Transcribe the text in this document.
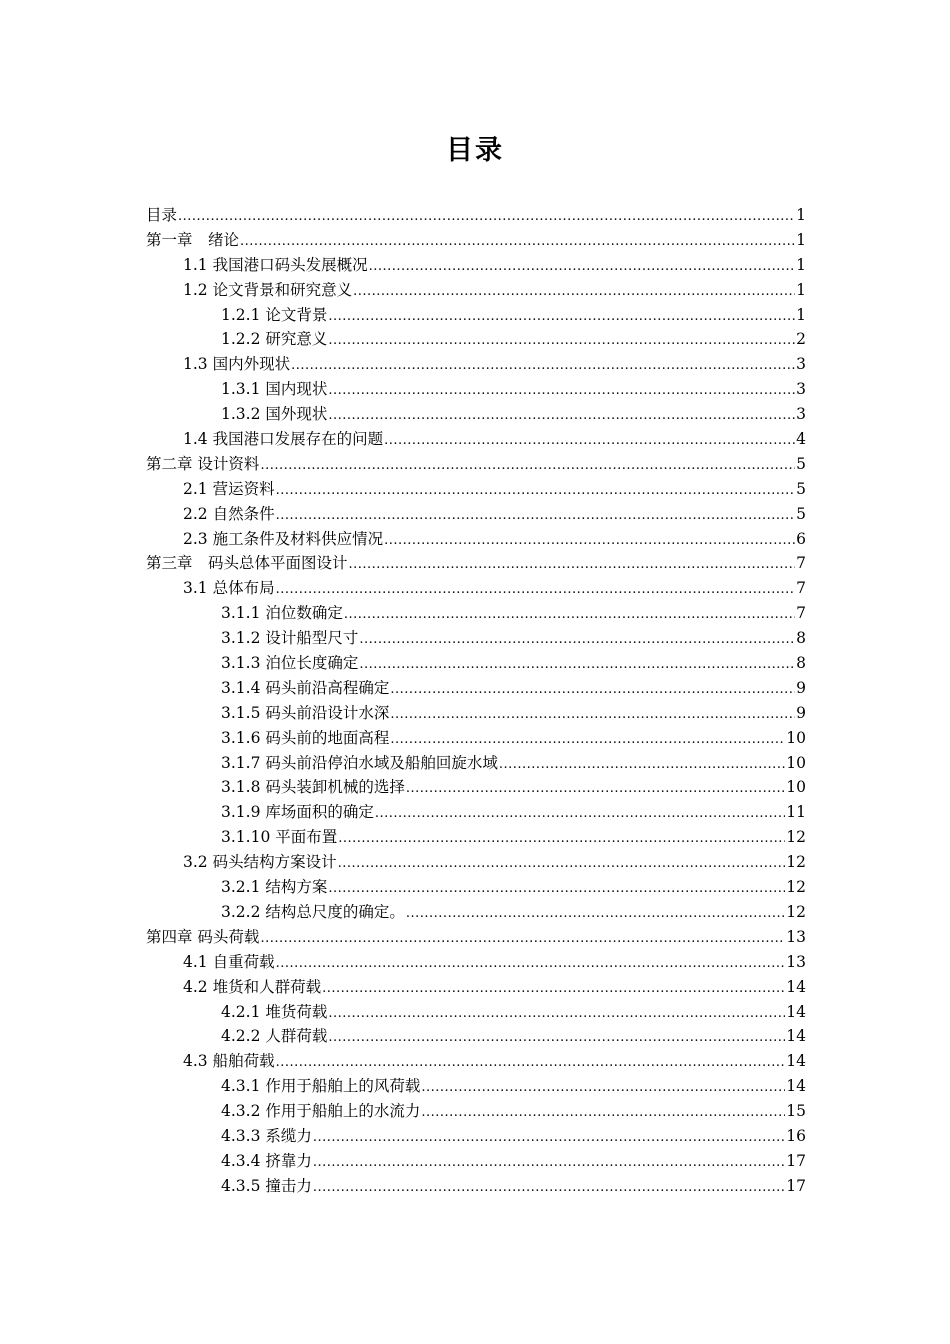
目录
目录 .....	1
第一章　绪论 .....	1
1.1 我国港口码头发展概况 .....	1
1.2 论文背景和研究意义 .....	1
1.2.1 论文背景 .....	1
1.2.2 研究意义 .....	2
1.3 国内外现状 .....	3
1.3.1 国内现状 .....	3
1.3.2 国外现状 .....	3
1.4 我国港口发展存在的问题 .....	4
第二章 设计资料 .....	5
2.1 营运资料 .....	5
2.2 自然条件 .....	5
2.3 施工条件及材料供应情况 .....	6
第三章　码头总体平面图设计 .....	7
3.1 总体布局 .....	7
3.1.1 泊位数确定 .....	7
3.1.2 设计船型尺寸 .....	8
3.1.3 泊位长度确定 .....	8
3.1.4 码头前沿高程确定 .....	9
3.1.5 码头前沿设计水深 .....	9
3.1.6 码头前的地面高程 .....	10
3.1.7 码头前沿停泊水域及船舶回旋水域 .....	10
3.1.8 码头装卸机械的选择 .....	10
3.1.9 库场面积的确定 .....	11
3.1.10 平面布置 .....	12
3.2 码头结构方案设计 .....	12
3.2.1 结构方案 .....	12
3.2.2 结构总尺度的确定。 .....	12
第四章 码头荷载 .....	13
4.1 自重荷载 .....	13
4.2 堆货和人群荷载 .....	14
4.2.1 堆货荷载 .....	14
4.2.2 人群荷载 .....	14
4.3 船舶荷载 .....	14
4.3.1 作用于船舶上的风荷载 .....	14
4.3.2 作用于船舶上的水流力 .....	15
4.3.3 系缆力 .....	16
4.3.4 挤靠力 .....	17
4.3.5 撞击力 .....	17
